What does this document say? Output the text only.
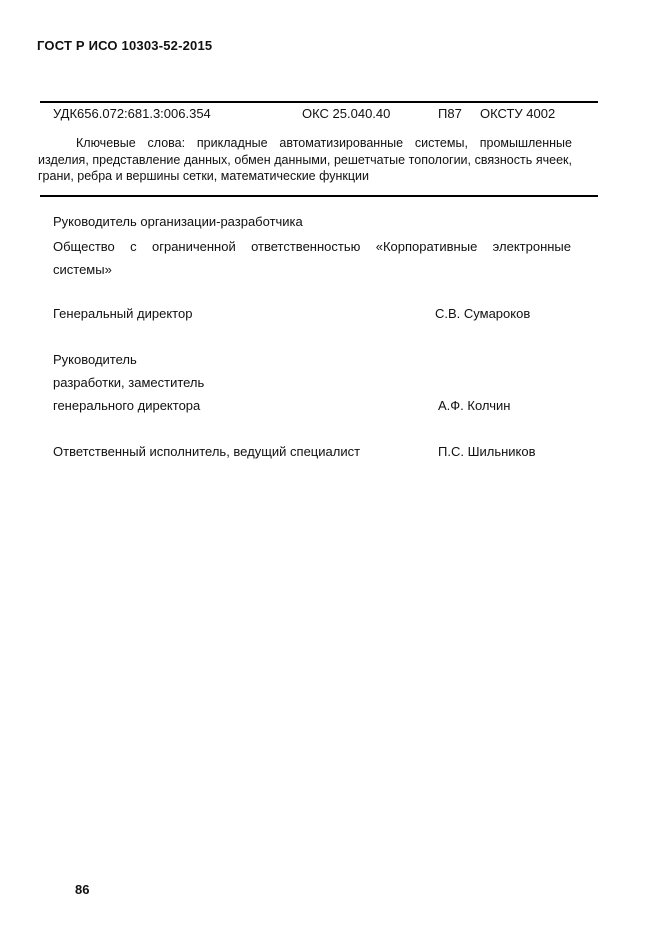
ГОСТ Р ИСО 10303-52-2015
УДК656.072:681.3:006.354	ОКС 25.040.40	П87 ОКСТУ 4002

Ключевые слова: прикладные автоматизированные системы, промышленные изделия, представление данных, обмен данными, решетчатые топологии, связность ячеек, грани, ребра и вершины сетки, математические функции

Руководитель организации-разработчика
Общество с ограниченной ответственностью «Корпоративные электронные системы»
Генеральный директор	С.В. Сумароков
Руководитель
разработки, заместитель
генерального директора	А.Ф. Колчин
Ответственный исполнитель, ведущий специалист	П.С. Шильников
86
